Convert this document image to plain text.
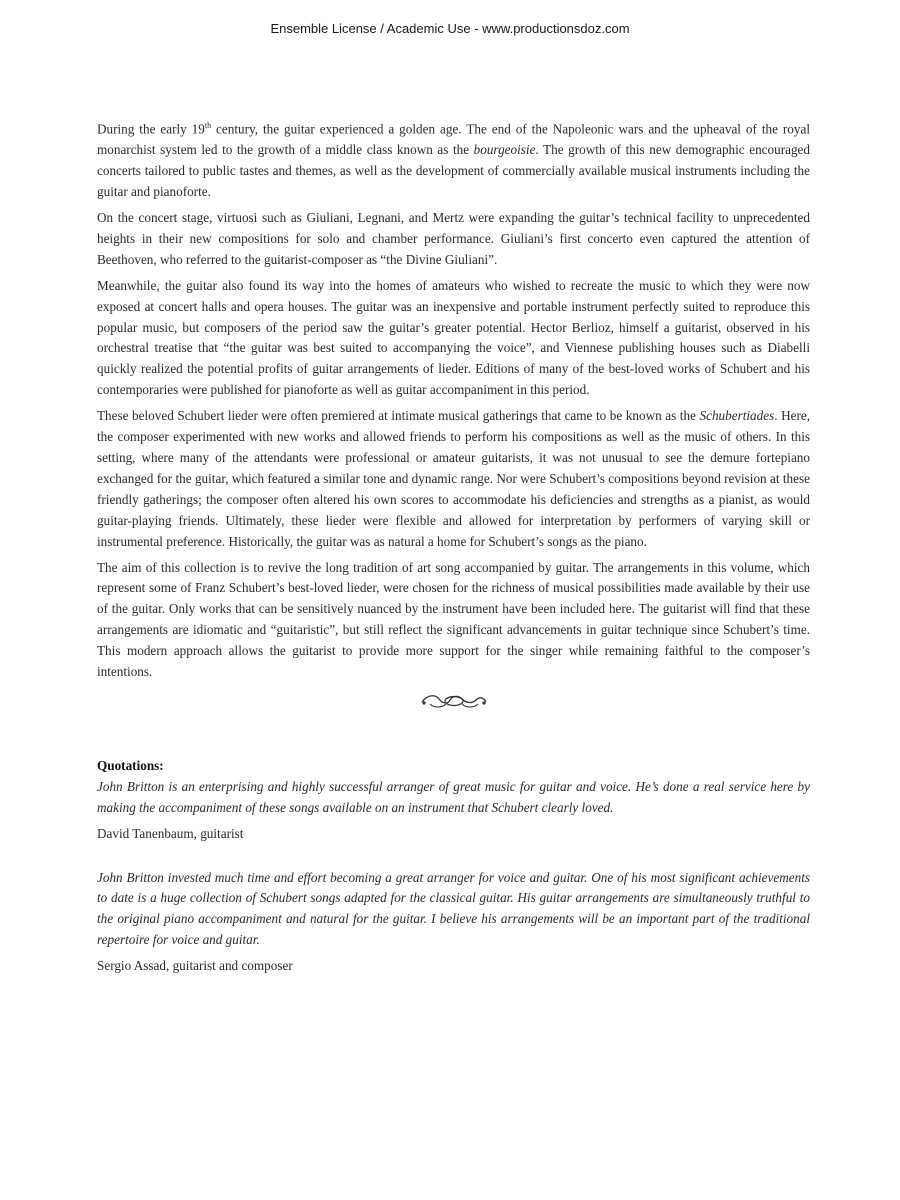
Ensemble License / Academic Use - www.productionsdoz.com

During the early 19th century, the guitar experienced a golden age. The end of the Napoleonic wars and the upheaval of the royal monarchist system led to the growth of a middle class known as the bourgeoisie. The growth of this new demographic encouraged concerts tailored to public tastes and themes, as well as the development of commercially available musical instruments including the guitar and pianoforte.

On the concert stage, virtuosi such as Giuliani, Legnani, and Mertz were expanding the guitar’s technical facility to unprecedented heights in their new compositions for solo and chamber performance. Giuliani’s first concerto even captured the attention of Beethoven, who referred to the guitarist-composer as “the Divine Giuliani”.

Meanwhile, the guitar also found its way into the homes of amateurs who wished to recreate the music to which they were now exposed at concert halls and opera houses. The guitar was an inexpensive and portable instrument perfectly suited to reproduce this popular music, but composers of the period saw the guitar’s greater potential. Hector Berlioz, himself a guitarist, observed in his orchestral treatise that “the guitar was best suited to accompanying the voice”, and Viennese publishing houses such as Diabelli quickly realized the potential profits of guitar arrangements of lieder. Editions of many of the best-loved works of Schubert and his contemporaries were published for pianoforte as well as guitar accompaniment in this period.

These beloved Schubert lieder were often premiered at intimate musical gatherings that came to be known as the Schubertiades. Here, the composer experimented with new works and allowed friends to perform his compositions as well as the music of others. In this setting, where many of the attendants were professional or amateur guitarists, it was not unusual to see the demure fortepiano exchanged for the guitar, which featured a similar tone and dynamic range. Nor were Schubert’s compositions beyond revision at these friendly gatherings; the composer often altered his own scores to accommodate his deficiencies and strengths as a pianist, as would guitar-playing friends. Ultimately, these lieder were flexible and allowed for interpretation by performers of varying skill or instrumental preference. Historically, the guitar was as natural a home for Schubert’s songs as the piano.

The aim of this collection is to revive the long tradition of art song accompanied by guitar. The arrangements in this volume, which represent some of Franz Schubert’s best-loved lieder, were chosen for the richness of musical possibilities made available by their use of the guitar. Only works that can be sensitively nuanced by the instrument have been included here. The guitarist will find that these arrangements are idiomatic and “guitaristic”, but still reflect the significant advancements in guitar technique since Schubert’s time. This modern approach allows the guitarist to provide more support for the singer while remaining faithful to the composer’s intentions.

Quotations:

John Britton is an enterprising and highly successful arranger of great music for guitar and voice. He’s done a real service here by making the accompaniment of these songs available on an instrument that Schubert clearly loved.

David Tanenbaum, guitarist

John Britton invested much time and effort becoming a great arranger for voice and guitar. One of his most significant achievements to date is a huge collection of Schubert songs adapted for the classical guitar. His guitar arrangements are simultaneously truthful to the original piano accompaniment and natural for the guitar. I believe his arrangements will be an important part of the traditional repertoire for voice and guitar.

Sergio Assad, guitarist and composer
